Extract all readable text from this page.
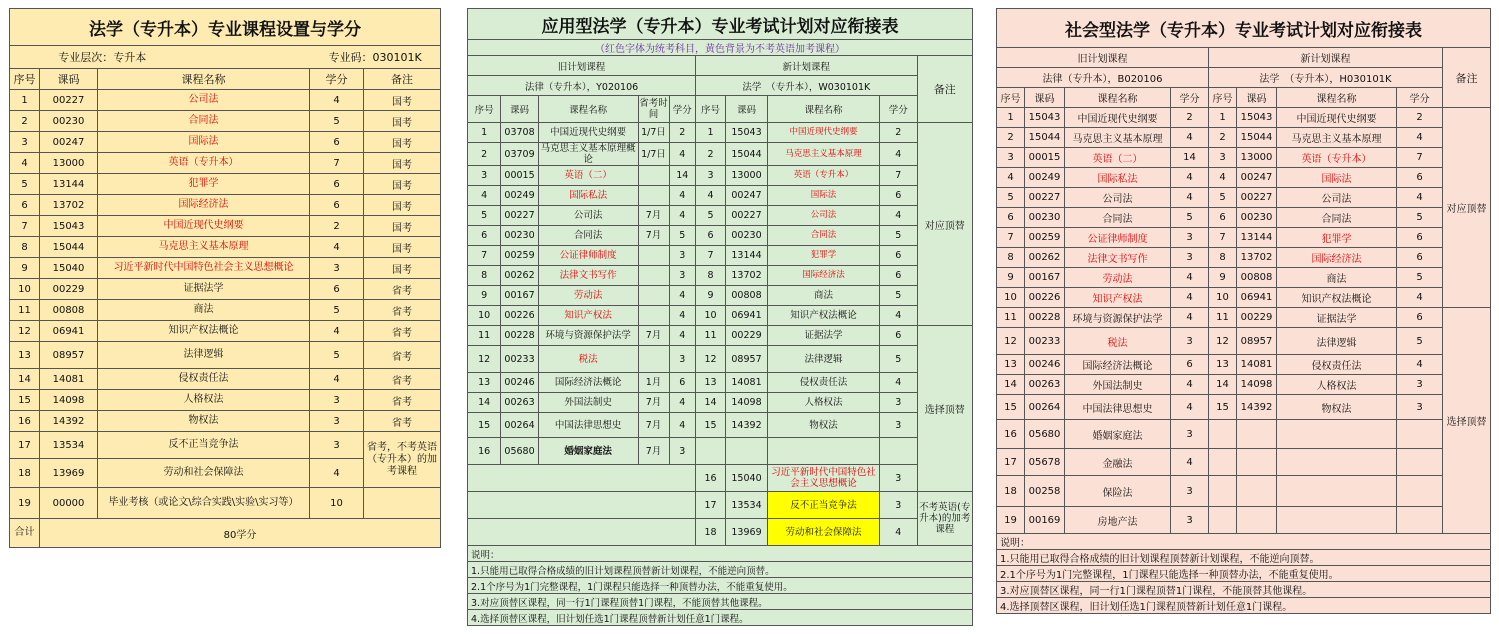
法学（专升本）专业课程设置与学分				
专业层次：专升本 专业码：030101K				
序号	课码	课程名称	学分	备注
1	00227	公司法	4	国考
2	00230	合同法	5	国考
3	00247	国际法	6	国考
4	13000	英语（专升本）	7	国考
5	13144	犯罪学	6	国考
6	13702	国际经济法	6	国考
7	15043	中国近现代史纲要	2	国考
8	15044	马克思主义基本原理	4	国考
9	15040	习近平新时代中国特色社会主义思想概论	3	国考
10	00229	证据法学	6	省考
11	00808	商法	5	省考
12	06941	知识产权法概论	4	省考
13	08957	法律逻辑	5	省考
14	14081	侵权责任法	4	省考
15	14098	人格权法	3	省考
16	14392	物权法	3	省考
17	13534	反不正当竞争法	3	省考，不考英语（专升本）的加考课程
18	13969	劳动和社会保障法	4	
19	00000	毕业考核（或论文\综合实践\实验\实习等）	10	
合计	80学分			
应用型法学（专升本）专业考试计划对应衔接表									
（红色字体为统考科目，黄色背景为不考英语加考课程）									
旧计划课程					新计划课程				备注
法律（专升本），Y020106					法学　（专升本），W030101K				
序号	课码	课程名称	省考时间	学分	序号	课码	课程名称	学分	
1	03708	中国近现代史纲要	1/7日	2	1	15043	中国近现代史纲要	2	对应顶替
2	03709	马克思主义基本原理概论	1/7日	4	2	15044	马克思主义基本原理	4	
3	00015	英语（二）		14	3	13000	英语（专升本）	7	
4	00249	国际私法		4	4	00247	国际法	6	
5	00227	公司法	7月	4	5	00227	公司法	4	
6	00230	合同法	7月	5	6	00230	合同法	5	
7	00259	公证律师制度		3	7	13144	犯罪学	6	
8	00262	法律文书写作		3	8	13702	国际经济法	6	
9	00167	劳动法		4	9	00808	商法	5	
10	00226	知识产权法		4	10	06941	知识产权法概论	4	
11	00228	环境与资源保护法学	7月	4	11	00229	证据法学	6	选择顶替
12	00233	税法		3	12	08957	法律逻辑	5	
13	00246	国际经济法概论	1月	6	13	14081	侵权责任法	4	
14	00263	外国法制史	7月	4	14	14098	人格权法	3	
15	00264	中国法律思想史	7月	4	15	14392	物权法	3	
16	05680	婚姻家庭法	7月	3					
					16	15040	习近平新时代中国特色社会主义思想概论	3	
					17	13534	反不正当竞争法	3	不考英语(专升本)的加考课程
					18	13969	劳动和社会保障法	4	
说明：									
1.只能用已取得合格成绩的旧计划课程顶替新计划课程，不能逆向顶替。									
2.1个序号为1门完整课程，1门课程只能选择一种顶替办法，不能重复使用。									
3.对应顶替区课程，同一行1门课程顶替1门课程，不能顶替其他课程。									
4.选择顶替区课程，旧计划任选1门课程顶替新计划任意1门课程。									
社会型法学（专升本）专业考试计划对应衔接表								
旧计划课程				新计划课程				备注
法律（专升本），B020106				法学　（专升本），H030101K				
序号	课码	课程名称	学分	序号	课码	课程名称	学分	
1	15043	中国近现代史纲要	2	1	15043	中国近现代史纲要	2	对应顶替
2	15044	马克思主义基本原理	4	2	15044	马克思主义基本原理	4	
3	00015	英语（二）	14	3	13000	英语（专升本）	7	
4	00249	国际私法	4	4	00247	国际法	6	
5	00227	公司法	4	5	00227	公司法	4	
6	00230	合同法	5	6	00230	合同法	5	
7	00259	公证律师制度	3	7	13144	犯罪学	6	
8	00262	法律文书写作	3	8	13702	国际经济法	6	
9	00167	劳动法	4	9	00808	商法	5	
10	00226	知识产权法	4	10	06941	知识产权法概论	4	
11	00228	环境与资源保护法学	4	11	00229	证据法学	6	选择顶替
12	00233	税法	3	12	08957	法律逻辑	5	
13	00246	国际经济法概论	6	13	14081	侵权责任法	4	
14	00263	外国法制史	4	14	14098	人格权法	3	
15	00264	中国法律思想史	4	15	14392	物权法	3	
16	05680	婚姻家庭法	3					
17	05678	金融法	4					
18	00258	保险法	3					
19	00169	房地产法	3					
说明：								
1.只能用已取得合格成绩的旧计划课程顶替新计划课程，不能逆向顶替。								
2.1个序号为1门完整课程，1门课程只能选择一种顶替办法，不能重复使用。								
3.对应顶替区课程，同一行1门课程顶替1门课程，不能顶替其他课程。								
4.选择顶替区课程，旧计划任选1门课程顶替新计划任意1门课程。								
